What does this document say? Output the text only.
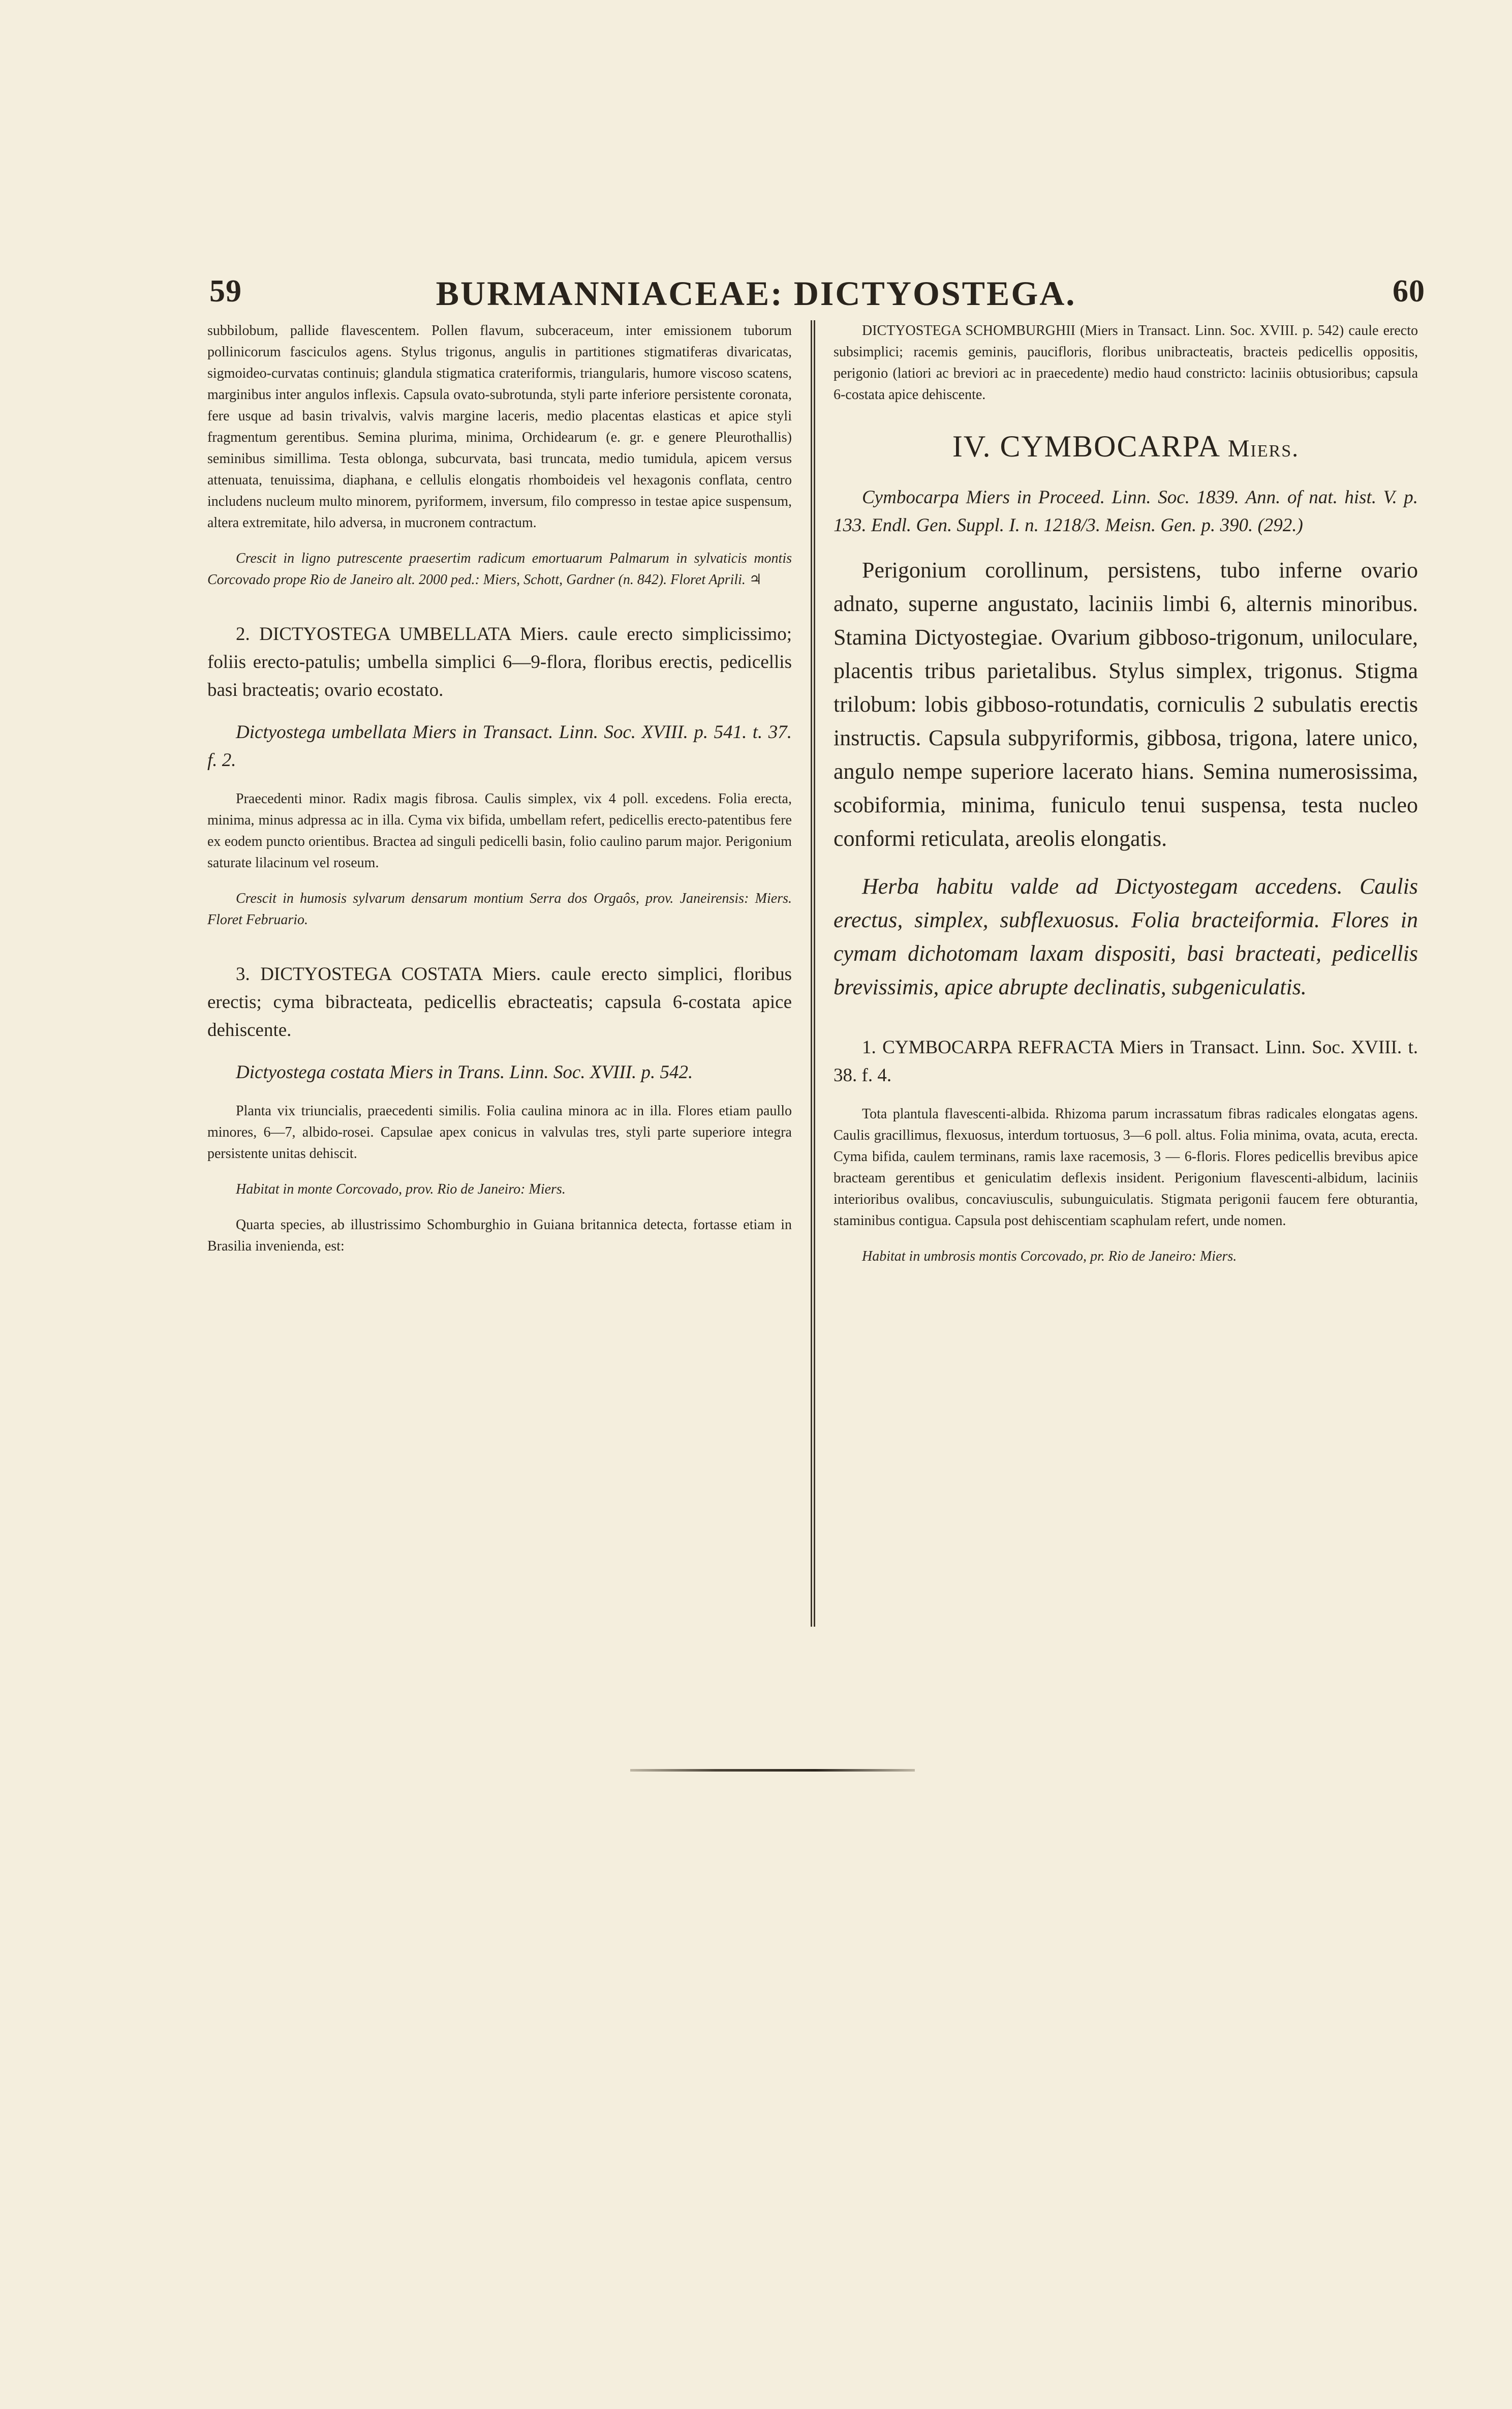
59	BURMANNIACEAE: DICTYOSTEGA.	60

subbilobum, pallide flavescentem. Pollen flavum, subceraceum, inter emissionem tuborum pollinicorum fasciculos agens. Stylus trigonus, angulis in partitiones stigmatiferas divaricatas, sigmoideo-curvatas continuis; glandula stigmatica crateriformis, triangularis, humore viscoso scatens, marginibus inter angulos inflexis. Capsula ovato-subrotunda, styli parte inferiore persistente coronata, fere usque ad basin trivalvis, valvis margine laceris, medio placentas elasticas et apice styli fragmentum gerentibus. Semina plurima, minima, Orchidearum (e. gr. e genere Pleurothallis) seminibus simillima. Testa oblonga, subcurvata, basi truncata, medio tumidula, apicem versus attenuata, tenuissima, diaphana, e cellulis elongatis rhomboideis vel hexagonis conflata, centro includens nucleum multo minorem, pyriformem, inversum, filo compresso in testae apice suspensum, altera extremitate, hilo adversa, in mucronem contractum.

Crescit in ligno putrescente praesertim radicum emortuarum Palmarum in sylvaticis montis Corcovado prope Rio de Janeiro alt. 2000 ped.: Miers, Schott, Gardner (n. 842). Floret Aprili. ♃

2. DICTYOSTEGA UMBELLATA Miers. caule erecto simplicissimo; foliis erecto-patulis; umbella simplici 6—9-flora, floribus erectis, pedicellis basi bracteatis; ovario ecostato.

Dictyostega umbellata Miers in Transact. Linn. Soc. XVIII. p. 541. t. 37. f. 2.

Praecedenti minor. Radix magis fibrosa. Caulis simplex, vix 4 poll. excedens. Folia erecta, minima, minus adpressa ac in illa. Cyma vix bifida, umbellam refert, pedicellis erecto-patentibus fere ex eodem puncto orientibus. Bractea ad singuli pedicelli basin, folio caulino parum major. Perigonium saturate lilacinum vel roseum.

Crescit in humosis sylvarum densarum montium Serra dos Orgaôs, prov. Janeirensis: Miers. Floret Februario.

3. DICTYOSTEGA COSTATA Miers. caule erecto simplici, floribus erectis; cyma bibracteata, pedicellis ebracteatis; capsula 6-costata apice dehiscente.

Dictyostega costata Miers in Trans. Linn. Soc. XVIII. p. 542.

Planta vix triuncialis, praecedenti similis. Folia caulina minora ac in illa. Flores etiam paullo minores, 6—7, albido-rosei. Capsulae apex conicus in valvulas tres, styli parte superiore integra persistente unitas dehiscit.

Habitat in monte Corcovado, prov. Rio de Janeiro: Miers.

Quarta species, ab illustrissimo Schomburghio in Guiana britannica detecta, fortasse etiam in Brasilia invenienda, est:

DICTYOSTEGA SCHOMBURGHII (Miers in Transact. Linn. Soc. XVIII. p. 542) caule erecto subsimplici; racemis geminis, paucifloris, floribus unibracteatis, bracteis pedicellis oppositis, perigonio (latiori ac breviori ac in praecedente) medio haud constricto: laciniis obtusioribus; capsula 6-costata apice dehiscente.

IV. CYMBOCARPA Miers.

Cymbocarpa Miers in Proceed. Linn. Soc. 1839. Ann. of nat. hist. V. p. 133. Endl. Gen. Suppl. I. n. 1218/3. Meisn. Gen. p. 390. (292.)

Perigonium corollinum, persistens, tubo inferne ovario adnato, superne angustato, laciniis limbi 6, alternis minoribus. Stamina Dictyostegiae. Ovarium gibboso-trigonum, uniloculare, placentis tribus parietalibus. Stylus simplex, trigonus. Stigma trilobum: lobis gibboso-rotundatis, corniculis 2 subulatis erectis instructis. Capsula subpyriformis, gibbosa, trigona, latere unico, angulo nempe superiore lacerato hians. Semina numerosissima, scobiformia, minima, funiculo tenui suspensa, testa nucleo conformi reticulata, areolis elongatis.

Herba habitu valde ad Dictyostegam accedens. Caulis erectus, simplex, subflexuosus. Folia bracteiformia. Flores in cymam dichotomam laxam dispositi, basi bracteati, pedicellis brevissimis, apice abrupte declinatis, subgeniculatis.

1. CYMBOCARPA REFRACTA Miers in Transact. Linn. Soc. XVIII. t. 38. f. 4.

Tota plantula flavescenti-albida. Rhizoma parum incrassatum fibras radicales elongatas agens. Caulis gracillimus, flexuosus, interdum tortuosus, 3—6 poll. altus. Folia minima, ovata, acuta, erecta. Cyma bifida, caulem terminans, ramis laxe racemosis, 3 — 6-floris. Flores pedicellis brevibus apice bracteam gerentibus et geniculatim deflexis insident. Perigonium flavescenti-albidum, laciniis interioribus ovalibus, concaviusculis, subunguiculatis. Stigmata perigonii faucem fere obturantia, staminibus contigua. Capsula post dehiscentiam scaphulam refert, unde nomen.

Habitat in umbrosis montis Corcovado, pr. Rio de Janeiro: Miers.
